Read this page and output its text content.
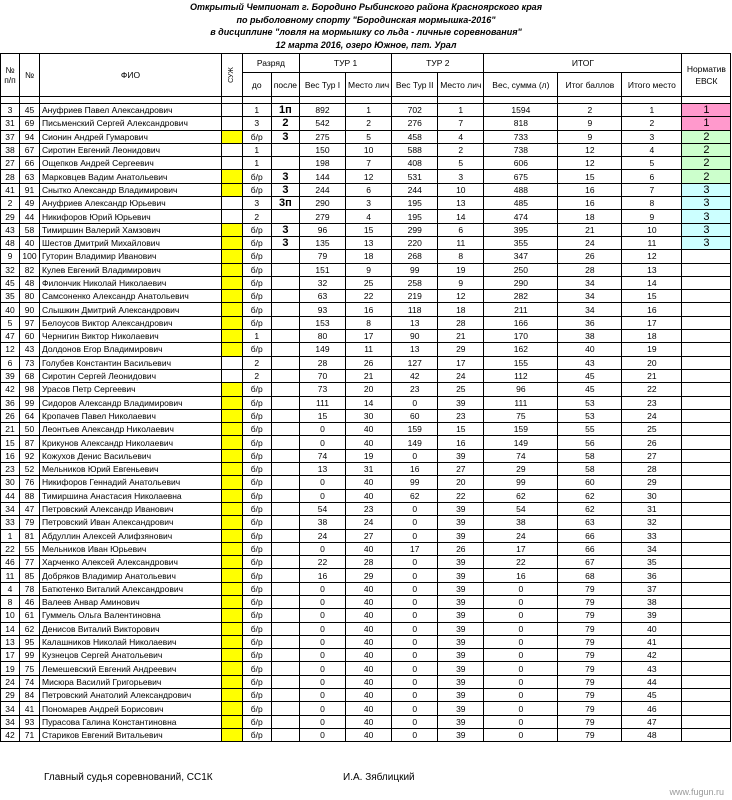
Открытый Чемпионат г. Бородино Рыбинского района Красноярского края
по рыболовному спорту "Бородинская мормышка-2016"
в дисциплине "ловля на мормышку со льда - личные соревнования"
12 марта 2016, озеро Южное, пгт. Урал
№ п/п	№	ФИО	СУЖ	Разряд		ТУР 1		ТУР 2		ИТОГ			Норматив ЕВСК
				до	после	Вес Тур I	Место лич	Вес Тур II	Место лич	Вес, сумма (л)	Итог баллов	Итого место	

3	45	Ануфриев Павел Александрович		1	1п	892	1	702	1	1594	2	1	1
31	69	Письменский Сергей Александрович		3	2	542	2	276	7	818	9	2	1
37	94	Сионин Андрей Гумарович		б/р	3	275	5	458	4	733	9	3	2
38	67	Сиротин Евгений Леонидович		1		150	10	588	2	738	12	4	2
27	66	Ощепков Андрей Сергеевич		1		198	7	408	5	606	12	5	2
28	63	Марковцев Вадим Анатольевич		б/р	3	144	12	531	3	675	15	6	2
41	91	Снытко Александр Владимирович		б/р	3	244	6	244	10	488	16	7	3
2	49	Ануфриев Александр Юрьевич		3	3п	290	3	195	13	485	16	8	3
29	44	Никифоров Юрий Юрьевич		2		279	4	195	14	474	18	9	3
43	58	Тимиршин Валерий Хамзович		б/р	3	96	15	299	6	395	21	10	3
48	40	Шестов Дмитрий Михайлович		б/р	3	135	13	220	11	355	24	11	3
9	100	Гуторин Владимир Иванович		б/р		79	18	268	8	347	26	12	
32	82	Кулев Евгений Владимирович		б/р		151	9	99	19	250	28	13	
45	48	Филончик Николай Николаевич		б/р		32	25	258	9	290	34	14	
35	80	Самсоненко Александр Анатольевич		б/р		63	22	219	12	282	34	15	
40	90	Слышкин Дмитрий Александрович		б/р		93	16	118	18	211	34	16	
5	97	Белоусов Виктор Александрович		б/р		153	8	13	28	166	36	17	
47	60	Чернигин Виктор Николаевич		1		80	17	90	21	170	38	18	
12	43	Долдонов Егор Владимирович		б/р		149	11	13	29	162	40	19	
6	73	Голубев Константин Васильевич		2		28	26	127	17	155	43	20	
39	68	Сиротин Сергей Леонидович		2		70	21	42	24	112	45	21	
42	98	Урасов Петр Сергеевич		б/р		73	20	23	25	96	45	22	
36	99	Сидоров Александр Владимирович		б/р		111	14	0	39	111	53	23	
26	64	Кропачев Павел Николаевич		б/р		15	30	60	23	75	53	24	
21	50	Леонтьев Александр Николаевич		б/р		0	40	159	15	159	55	25	
15	87	Крикунов Александр Николаевич		б/р		0	40	149	16	149	56	26	
16	92	Кожухов Денис Васильевич		б/р		74	19	0	39	74	58	27	
23	52	Мельников Юрий Евгеньевич		б/р		13	31	16	27	29	58	28	
30	76	Никифоров Геннадий Анатольевич		б/р		0	40	99	20	99	60	29	
44	88	Тимиршина Анастасия Николаевна		б/р		0	40	62	22	62	62	30	
34	47	Петровский Александр Иванович		б/р		54	23	0	39	54	62	31	
33	79	Петровский Иван Александрович		б/р		38	24	0	39	38	63	32	
1	81	Абдуллин Алексей Алифзянович		б/р		24	27	0	39	24	66	33	
22	55	Мельников Иван Юрьевич		б/р		0	40	17	26	17	66	34	
46	77	Харченко Алексей Александрович		б/р		22	28	0	39	22	67	35	
11	85	Добряков Владимир Анатольевич		б/р		16	29	0	39	16	68	36	
4	78	Батютенко Виталий Александрович		б/р		0	40	0	39	0	79	37	
8	46	Валеев Анвар Аминович		б/р		0	40	0	39	0	79	38	
10	61	Гуммель Ольга Валентиновна		б/р		0	40	0	39	0	79	39	
14	62	Денисов Виталий Викторович		б/р		0	40	0	39	0	79	40	
13	95	Калашников Николай Николаевич		б/р		0	40	0	39	0	79	41	
17	99	Кузнецов Сергей Анатольевич		б/р		0	40	0	39	0	79	42	
19	75	Лемешевский Евгений Андреевич		б/р		0	40	0	39	0	79	43	
24	74	Мисюра Василий Григорьевич		б/р		0	40	0	39	0	79	44	
29	84	Петровский Анатолий Александрович		б/р		0	40	0	39	0	79	45	
34	41	Пономарев Андрей Борисович		б/р		0	40	0	39	0	79	46	
34	93	Пурасова Галина Константиновна		б/р		0	40	0	39	0	79	47	
42	71	Стариков Евгений Витальевич		б/р		0	40	0	39	0	79	48	
Главный судья соревнований, СС1К	И.А. Зяблицкий
www.fugun.ru
